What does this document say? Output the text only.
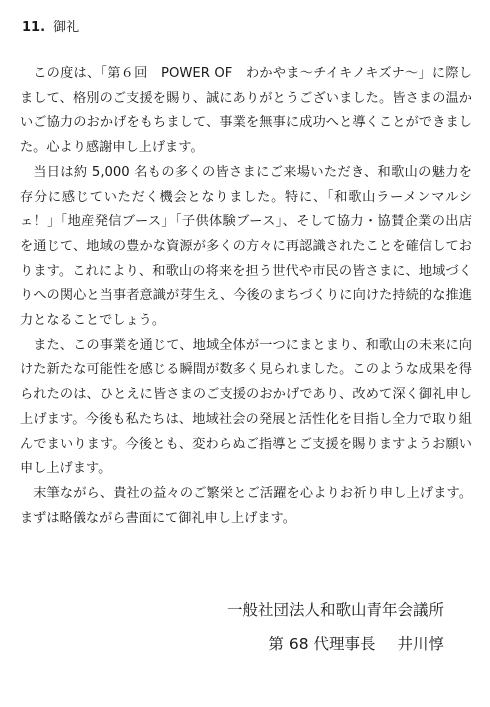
11. 御礼

この度は、「第６回　POWER OF　わかやま〜チイキノキズナ〜」に際しまして、格別のご支援を賜り、誠にありがとうございました。皆さまの温かいご協力のおかげをもちまして、事業を無事に成功へと導くことができました。心より感謝申し上げます。

当日は約 5,000 名もの多くの皆さまにご来場いただき、和歌山の魅力を存分に感じていただく機会となりました。特に、「和歌山ラーメンマルシェ！」「地産発信ブース」「子供体験ブース」、そして協力・協賛企業の出店を通じて、地域の豊かな資源が多くの方々に再認識されたことを確信しております。これにより、和歌山の将来を担う世代や市民の皆さまに、地域づくりへの関心と当事者意識が芽生え、今後のまちづくりに向けた持続的な推進力となることでしょう。

また、この事業を通じて、地域全体が一つにまとまり、和歌山の未来に向けた新たな可能性を感じる瞬間が数多く見られました。このような成果を得られたのは、ひとえに皆さまのご支援のおかげであり、改めて深く御礼申し上げます。今後も私たちは、地域社会の発展と活性化を目指し全力で取り組んでまいります。今後とも、変わらぬご指導とご支援を賜りますようお願い申し上げます。

末筆ながら、貴社の益々のご繁栄とご活躍を心よりお祈り申し上げます。まずは略儀ながら書面にて御礼申し上げます。

一般社団法人和歌山青年会議所
第 68 代理事長 井川惇
